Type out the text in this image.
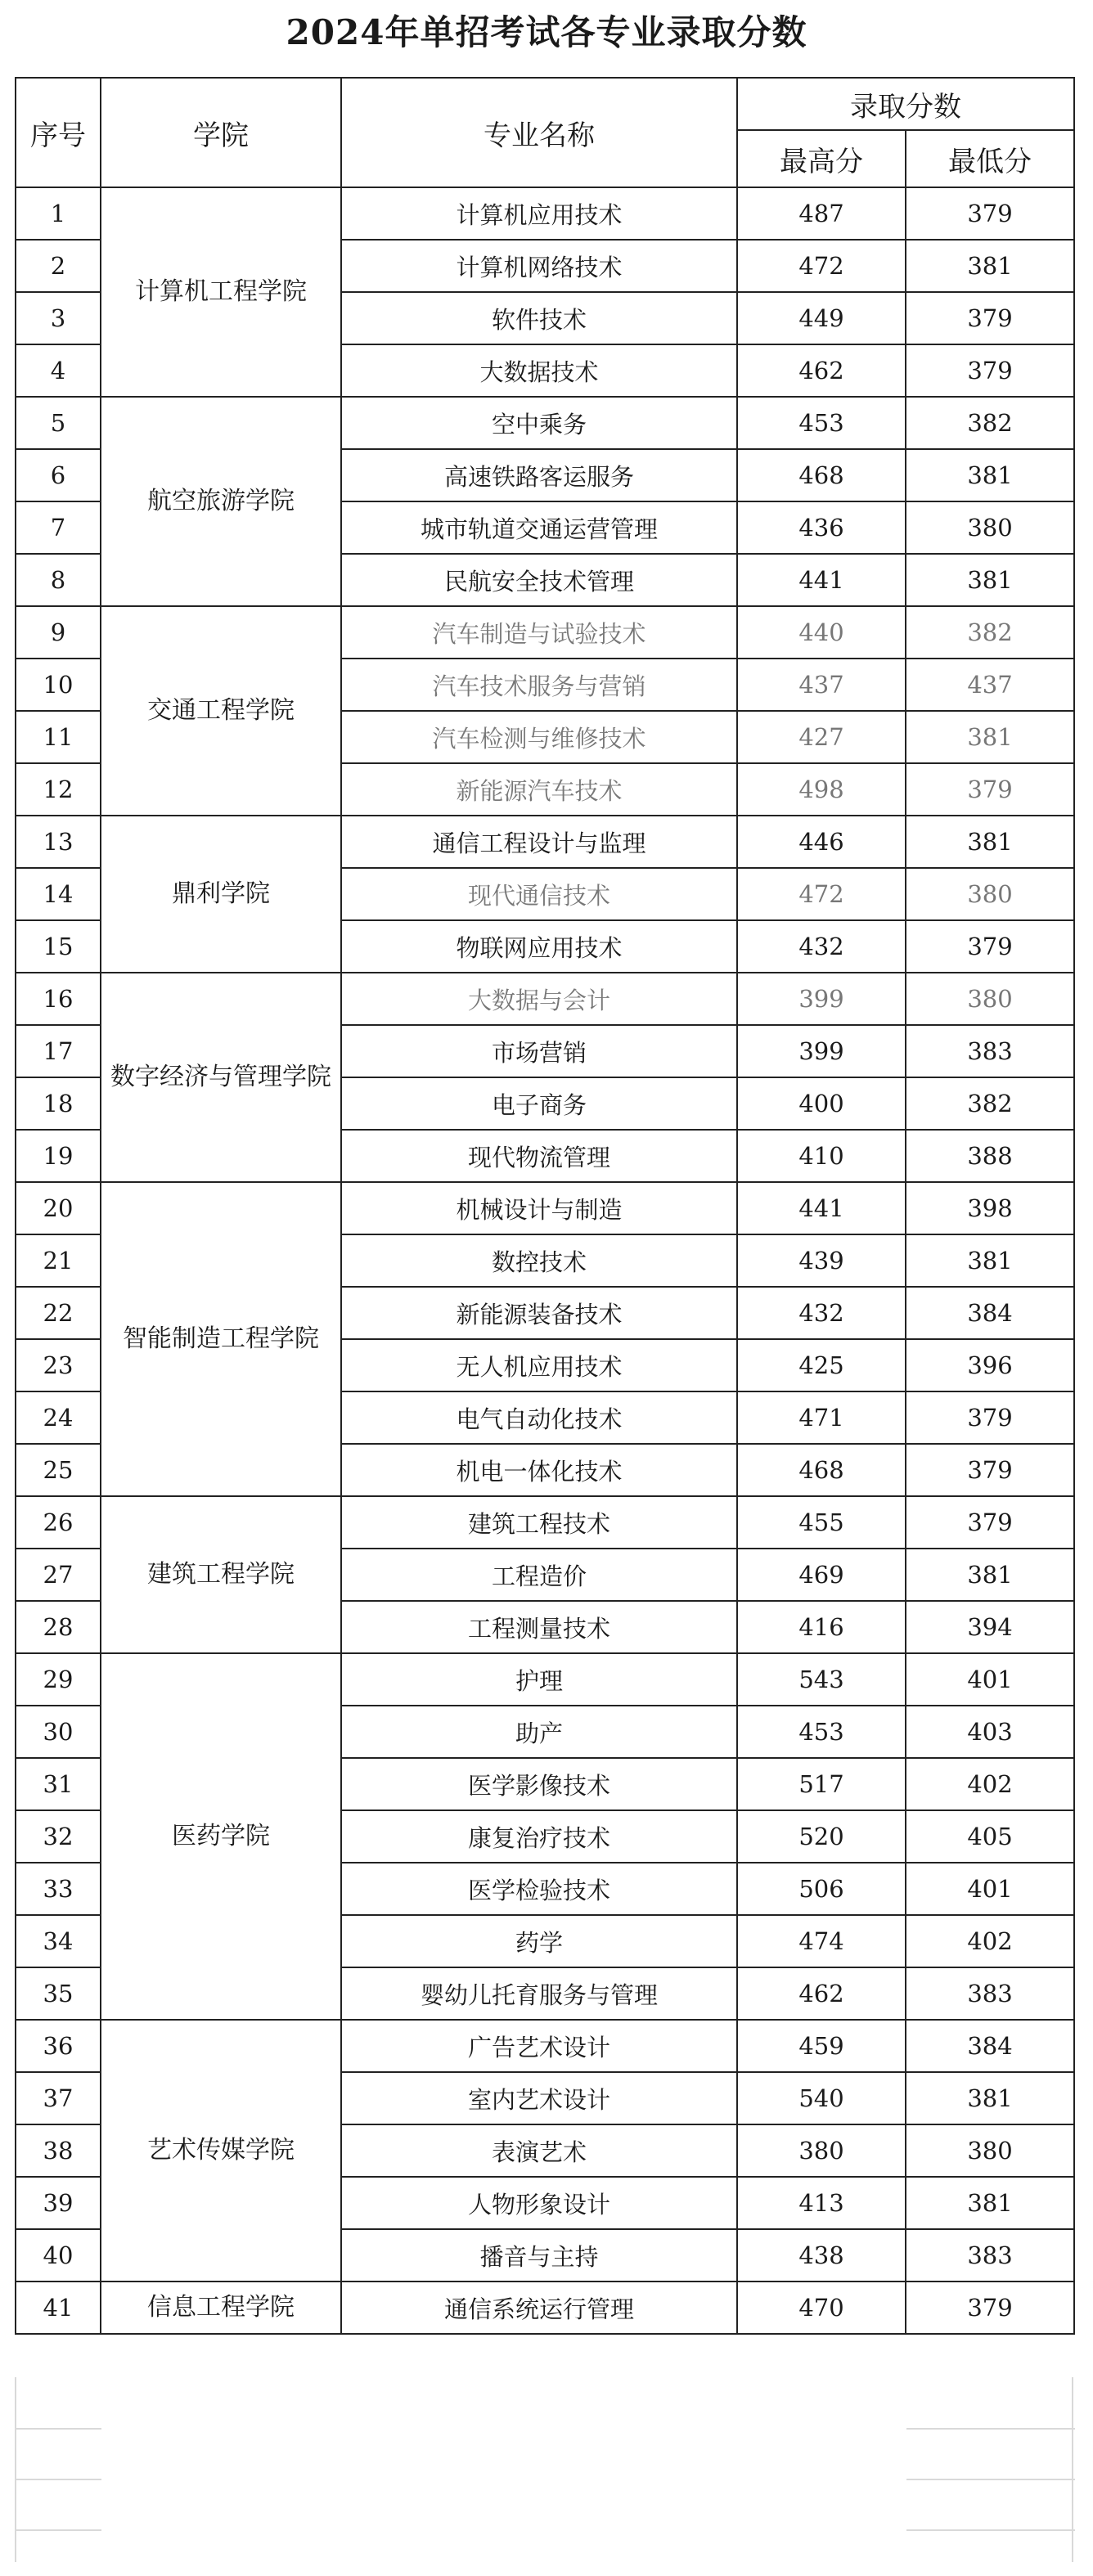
2024年单招考试各专业录取分数
序号	学院	专业名称	录取分数	
			最高分	最低分
1	计算机工程学院	计算机应用技术	487	379
2		计算机网络技术	472	381
3		软件技术	449	379
4		大数据技术	462	379
5	航空旅游学院	空中乘务	453	382
6		高速铁路客运服务	468	381
7		城市轨道交通运营管理	436	380
8		民航安全技术管理	441	381
9	交通工程学院	汽车制造与试验技术	440	382
10		汽车技术服务与营销	437	437
11		汽车检测与维修技术	427	381
12		新能源汽车技术	498	379
13	鼎利学院	通信工程设计与监理	446	381
14		现代通信技术	472	380
15		物联网应用技术	432	379
16	数字经济与管理学院	大数据与会计	399	380
17		市场营销	399	383
18		电子商务	400	382
19		现代物流管理	410	388
20	智能制造工程学院	机械设计与制造	441	398
21		数控技术	439	381
22		新能源装备技术	432	384
23		无人机应用技术	425	396
24		电气自动化技术	471	379
25		机电一体化技术	468	379
26	建筑工程学院	建筑工程技术	455	379
27		工程造价	469	381
28		工程测量技术	416	394
29	医药学院	护理	543	401
30		助产	453	403
31		医学影像技术	517	402
32		康复治疗技术	520	405
33		医学检验技术	506	401
34		药学	474	402
35		婴幼儿托育服务与管理	462	383
36	艺术传媒学院	广告艺术设计	459	384
37		室内艺术设计	540	381
38		表演艺术	380	380
39		人物形象设计	413	381
40		播音与主持	438	383
41	信息工程学院	通信系统运行管理	470	379
